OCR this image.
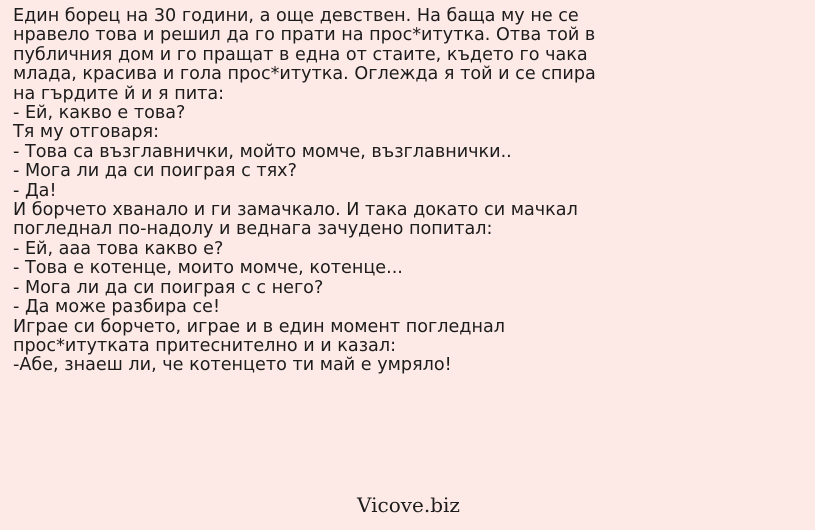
Един борец на 30 години, а още девствен. На баща му не се
нравело това и решил да го прати на прос*итутка. Отва той в
публичния дом и го пращат в една от стаите, където го чака
млада, красива и гола прос*итутка. Оглежда я той и се спира
на гърдите й и я пита:
- Ей, какво е това?
Тя му отговаря:
- Това са възглавнички, мойто момче, възглавнички..
- Мога ли да си поиграя с тях?
- Да!
И борчето хванало и ги замачкало. И така докато си мачкал
погледнал по-надолу и веднага зачудено попитал:
- Ей, ааа това какво е?
- Това е котенце, моито момче, котенце...
- Мога ли да си поиграя с с него?
- Да може разбира се!
Играе си борчето, играе и в един момент погледнал
прос*итутката притеснително и и казал:
-Абе, знаеш ли, че котенцето ти май е умряло!
Vicove.biz
